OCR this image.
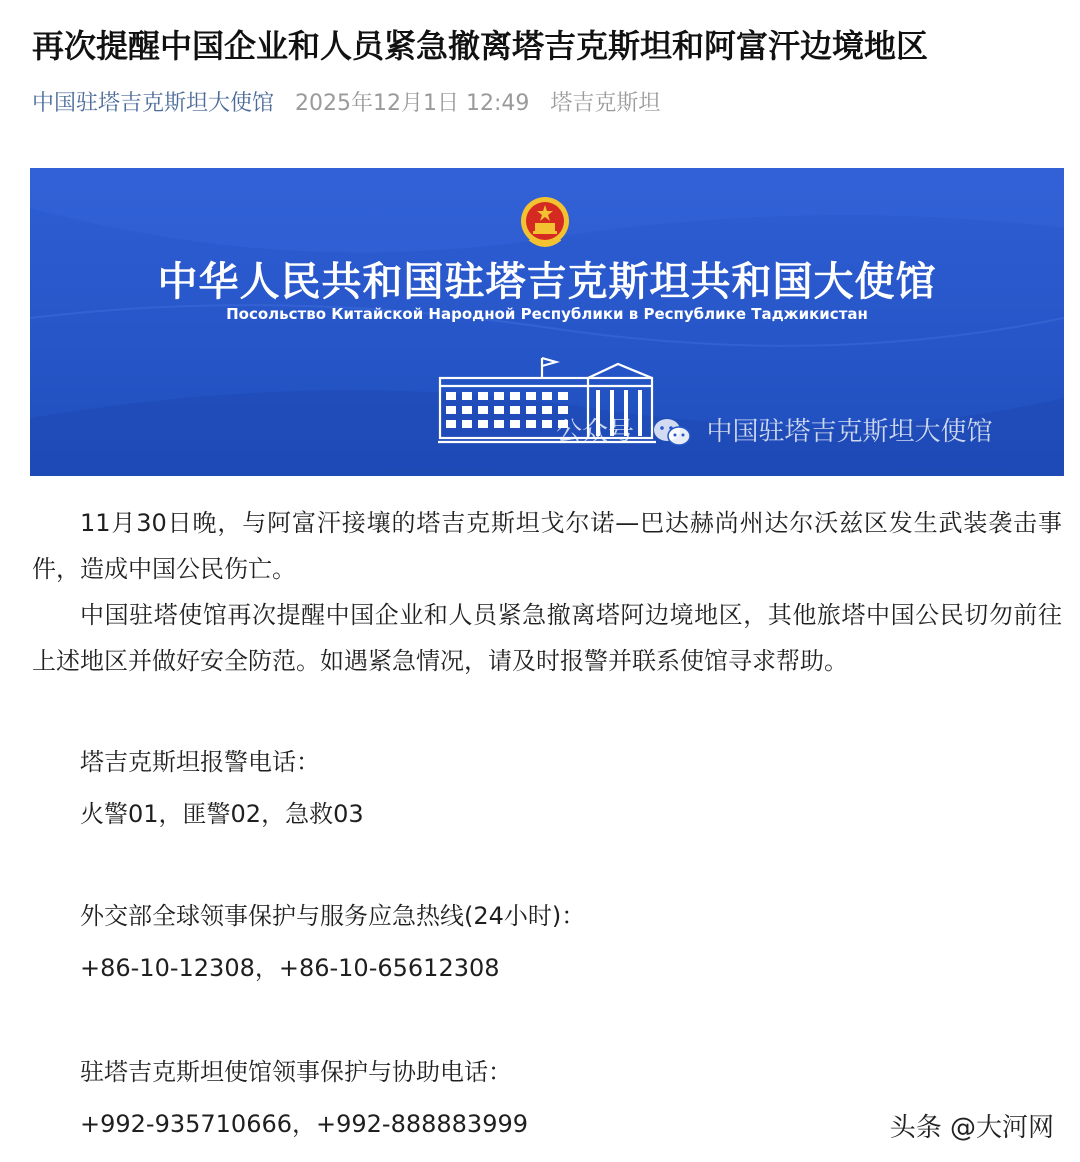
再次提醒中国企业和人员紧急撤离塔吉克斯坦和阿富汗边境地区
中国驻塔吉克斯坦大使馆 2025年12月1日 12:49 塔吉克斯坦
中华人民共和国驻塔吉克斯坦共和国大使馆
Посольство Китайской Народной Республики в Республике Таджикистан
公众号	中国驻塔吉克斯坦大使馆
11月30日晚，与阿富汗接壤的塔吉克斯坦戈尔诺—巴达赫尚州达尔沃兹区发生武装袭击事件，造成中国公民伤亡。
中国驻塔使馆再次提醒中国企业和人员紧急撤离塔阿边境地区，其他旅塔中国公民切勿前往上述地区并做好安全防范。如遇紧急情况，请及时报警并联系使馆寻求帮助。
塔吉克斯坦报警电话：
火警01，匪警02，急救03
外交部全球领事保护与服务应急热线(24小时)：
+86-10-12308，+86-10-65612308
驻塔吉克斯坦使馆领事保护与协助电话：
+992-935710666，+992-888883999	头条 @大河网
